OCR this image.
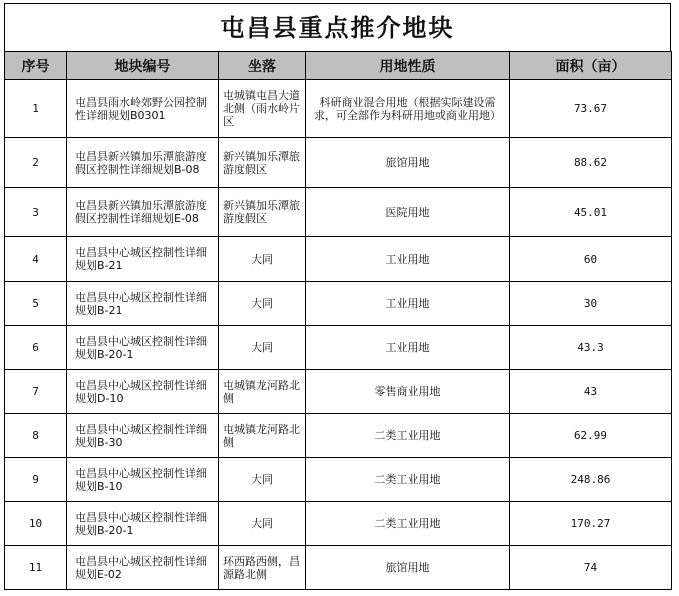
屯昌县重点推介地块
序号	地块编号	坐落	用地性质	面积（亩）
1	屯昌县雨水岭郊野公园控制性详细规划B0301	屯城镇屯昌大道北侧（雨水岭片区	科研商业混合用地（根据实际建设需求，可全部作为科研用地或商业用地）	73.67
2	屯昌县新兴镇加乐潭旅游度假区控制性详细规划B-08	新兴镇加乐潭旅游度假区	旅馆用地	88.62
3	屯昌县新兴镇加乐潭旅游度假区控制性详细规划E-08	新兴镇加乐潭旅游度假区	医院用地	45.01
4	屯昌县中心城区控制性详细规划B-21	大同	工业用地	60
5	屯昌县中心城区控制性详细规划B-21	大同	工业用地	30
6	屯昌县中心城区控制性详细规划B-20-1	大同	工业用地	43.3
7	屯昌县中心城区控制性详细规划D-10	屯城镇龙河路北侧	零售商业用地	43
8	屯昌县中心城区控制性详细规划B-30	屯城镇龙河路北侧	二类工业用地	62.99
9	屯昌县中心城区控制性详细规划B-10	大同	二类工业用地	248.86
10	屯昌县中心城区控制性详细规划B-20-1	大同	二类工业用地	170.27
11	屯昌县中心城区控制性详细规划E-02	环西路西侧，昌源路北侧	旅馆用地	74
